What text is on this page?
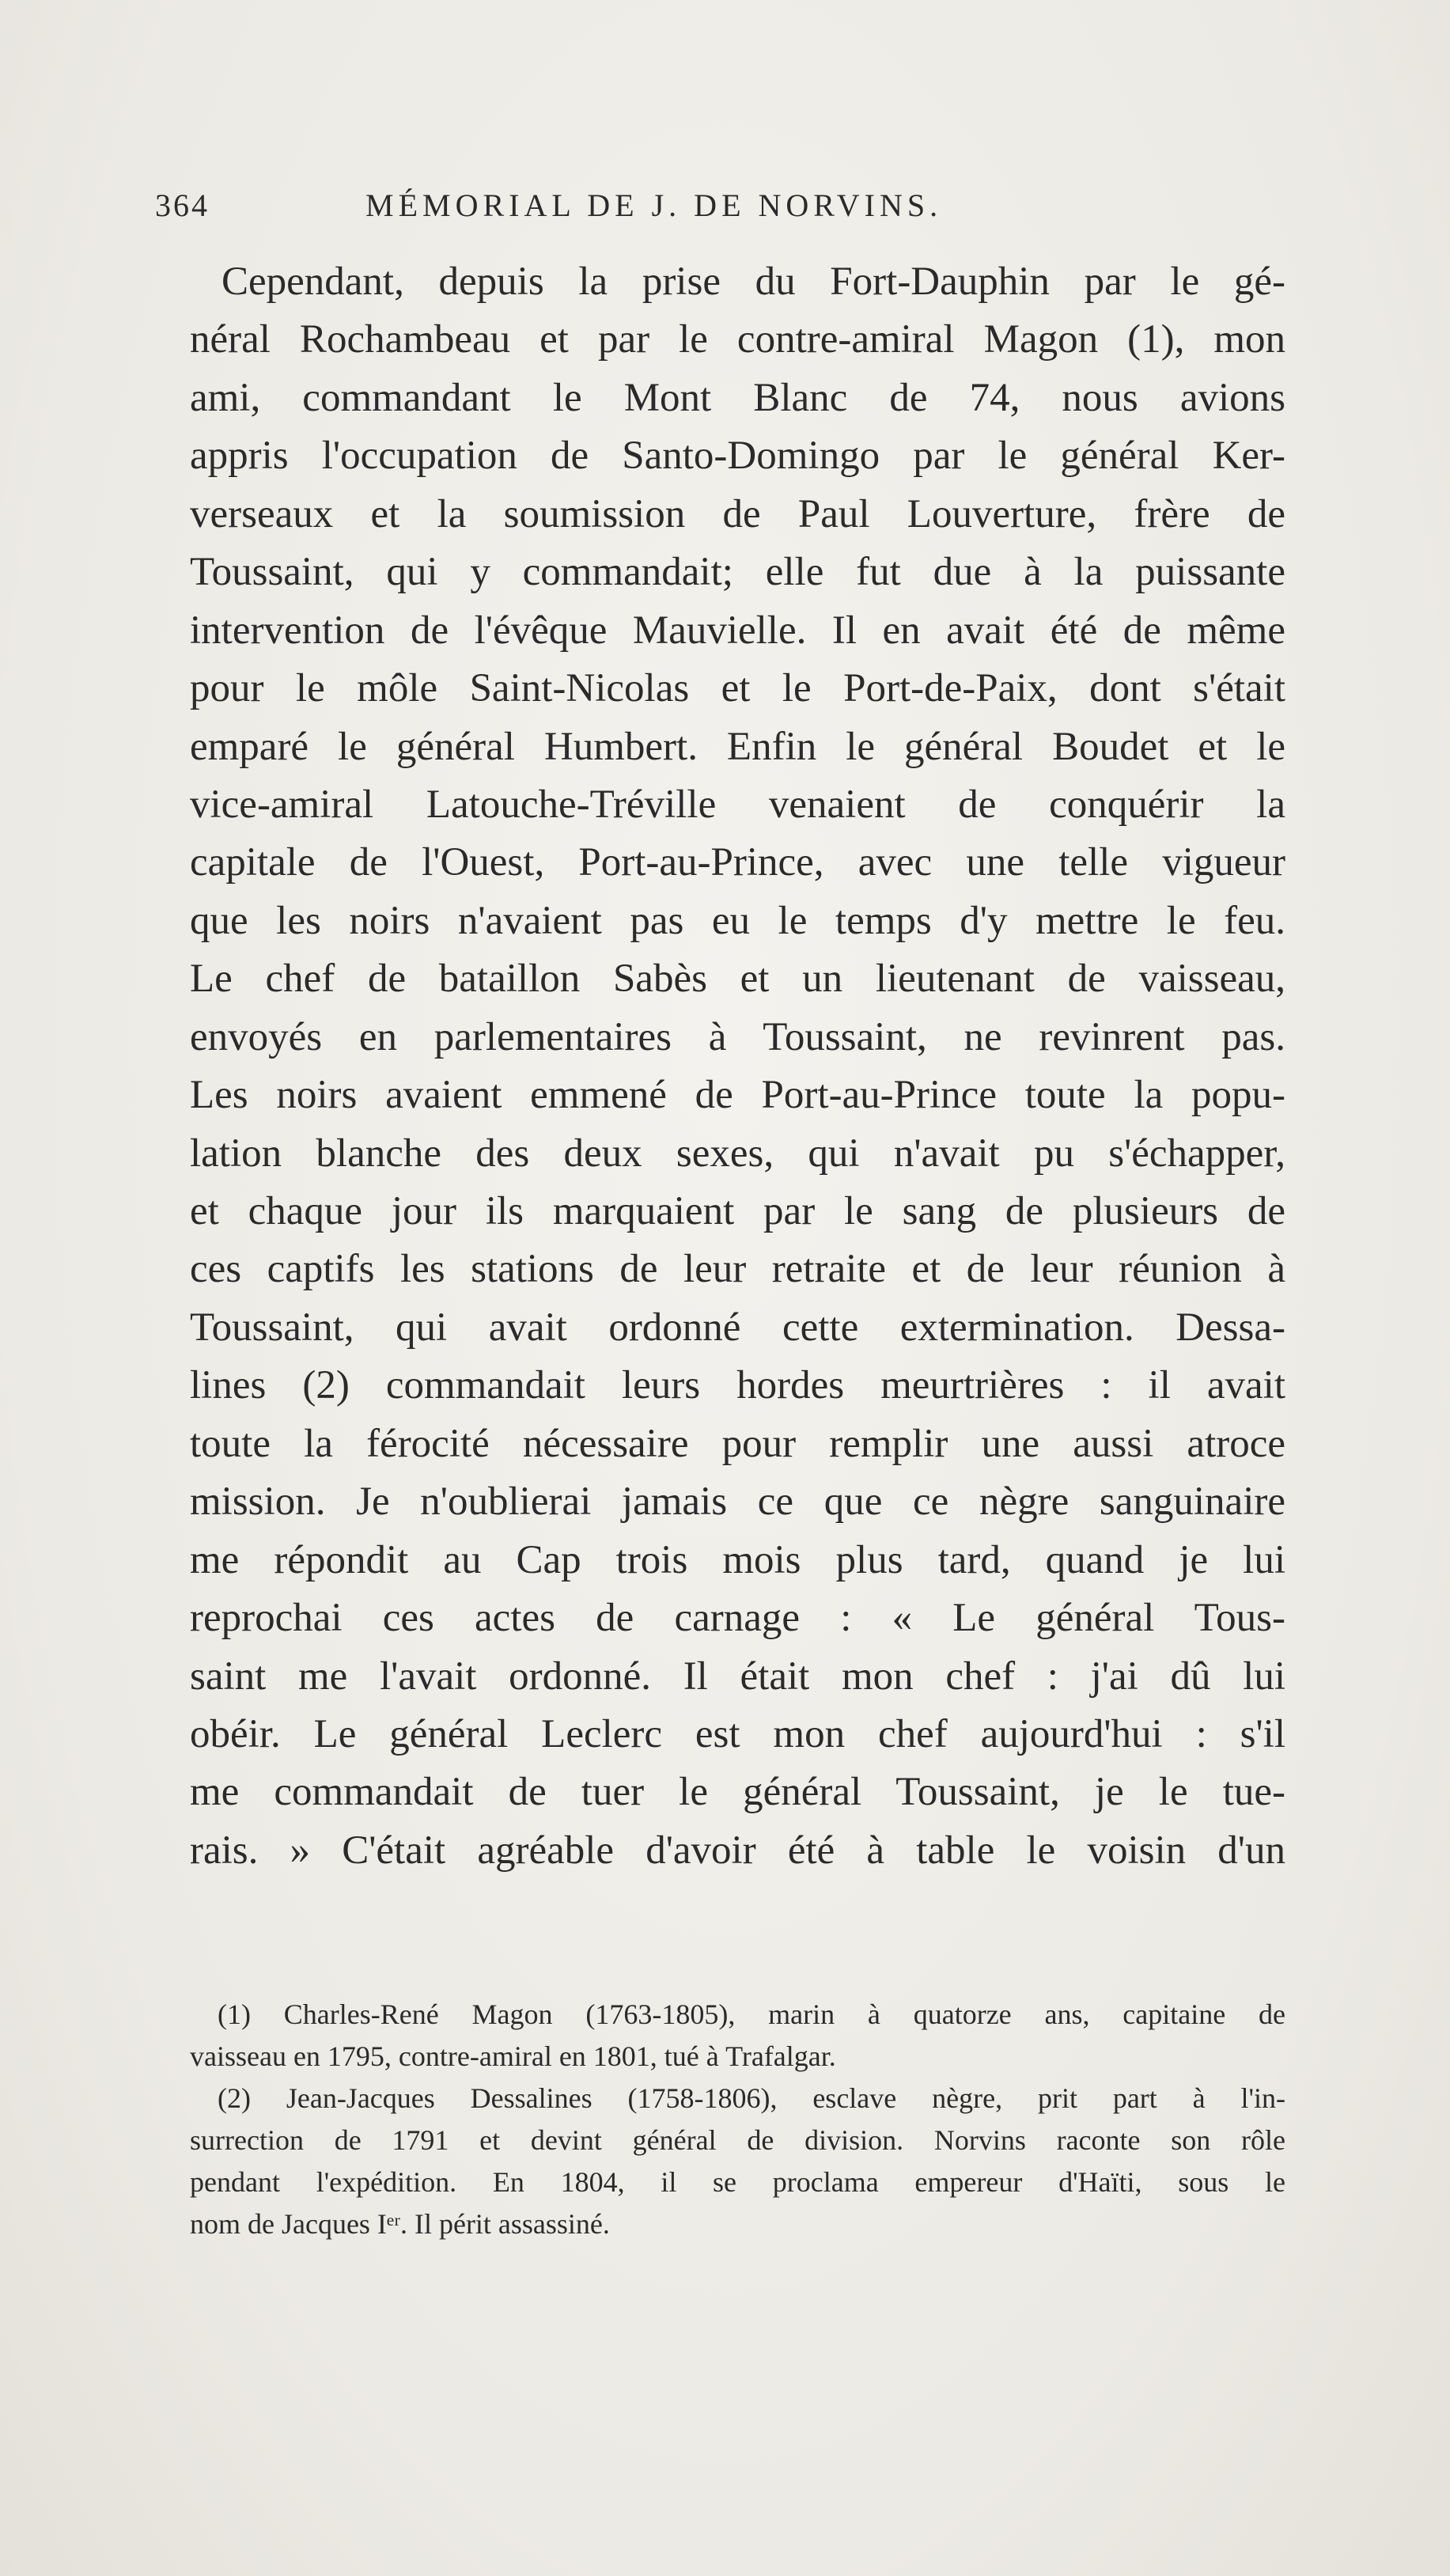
364	MÉMORIAL DE J. DE NORVINS.
Cependant, depuis la prise du Fort-Dauphin par le gé-
néral Rochambeau et par le contre-amiral Magon (1), mon
ami, commandant le Mont Blanc de 74, nous avions
appris l'occupation de Santo-Domingo par le général Ker-
verseaux et la soumission de Paul Louverture, frère de
Toussaint, qui y commandait; elle fut due à la puissante
intervention de l'évêque Mauvielle. Il en avait été de même
pour le môle Saint-Nicolas et le Port-de-Paix, dont s'était
emparé le général Humbert. Enfin le général Boudet et le
vice-amiral Latouche-Tréville venaient de conquérir la
capitale de l'Ouest, Port-au-Prince, avec une telle vigueur
que les noirs n'avaient pas eu le temps d'y mettre le feu.
Le chef de bataillon Sabès et un lieutenant de vaisseau,
envoyés en parlementaires à Toussaint, ne revinrent pas.
Les noirs avaient emmené de Port-au-Prince toute la popu-
lation blanche des deux sexes, qui n'avait pu s'échapper,
et chaque jour ils marquaient par le sang de plusieurs de
ces captifs les stations de leur retraite et de leur réunion à
Toussaint, qui avait ordonné cette extermination. Dessa-
lines (2) commandait leurs hordes meurtrières : il avait
toute la férocité nécessaire pour remplir une aussi atroce
mission. Je n'oublierai jamais ce que ce nègre sanguinaire
me répondit au Cap trois mois plus tard, quand je lui
reprochai ces actes de carnage : « Le général Tous-
saint me l'avait ordonné. Il était mon chef : j'ai dû lui
obéir. Le général Leclerc est mon chef aujourd'hui : s'il
me commandait de tuer le général Toussaint, je le tue-
rais. » C'était agréable d'avoir été à table le voisin d'un
(1) Charles-René Magon (1763-1805), marin à quatorze ans, capitaine de
vaisseau en 1795, contre-amiral en 1801, tué à Trafalgar.
(2) Jean-Jacques Dessalines (1758-1806), esclave nègre, prit part à l'in-
surrection de 1791 et devint général de division. Norvins raconte son rôle
pendant l'expédition. En 1804, il se proclama empereur d'Haïti, sous le
nom de Jacques Iᵉʳ. Il périt assassiné.
